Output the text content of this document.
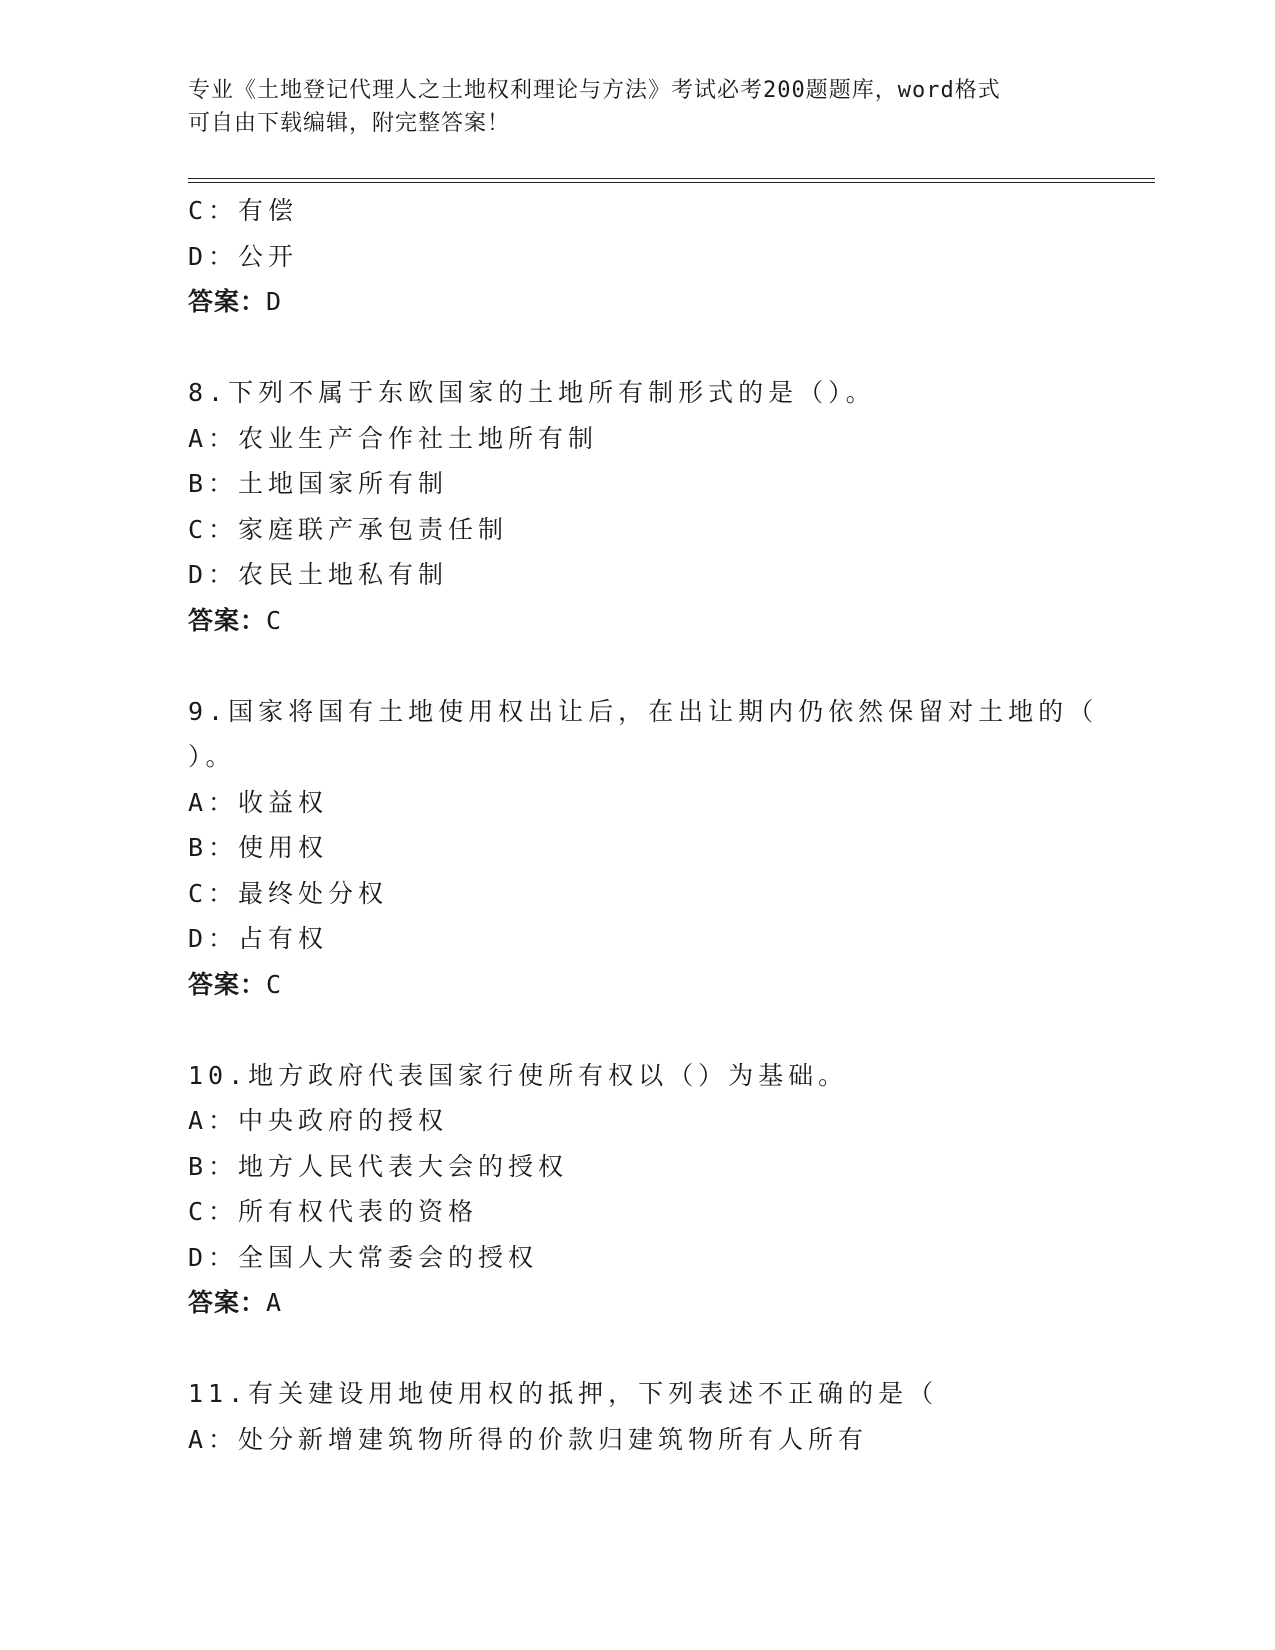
专业《土地登记代理人之土地权利理论与方法》考试必考200题题库，word格式
可自由下载编辑，附完整答案！
C：有偿
D：公开
答案：D
8.下列不属于东欧国家的土地所有制形式的是（）。
A：农业生产合作社土地所有制
B：土地国家所有制
C：家庭联产承包责任制
D：农民土地私有制
答案：C
9.国家将国有土地使用权出让后，在出让期内仍依然保留对土地的（
）。
A：收益权
B：使用权
C：最终处分权
D：占有权
答案：C
10.地方政府代表国家行使所有权以（）为基础。
A：中央政府的授权
B：地方人民代表大会的授权
C：所有权代表的资格
D：全国人大常委会的授权
答案：A
11.有关建设用地使用权的抵押，下列表述不正确的是（
A：处分新增建筑物所得的价款归建筑物所有人所有
